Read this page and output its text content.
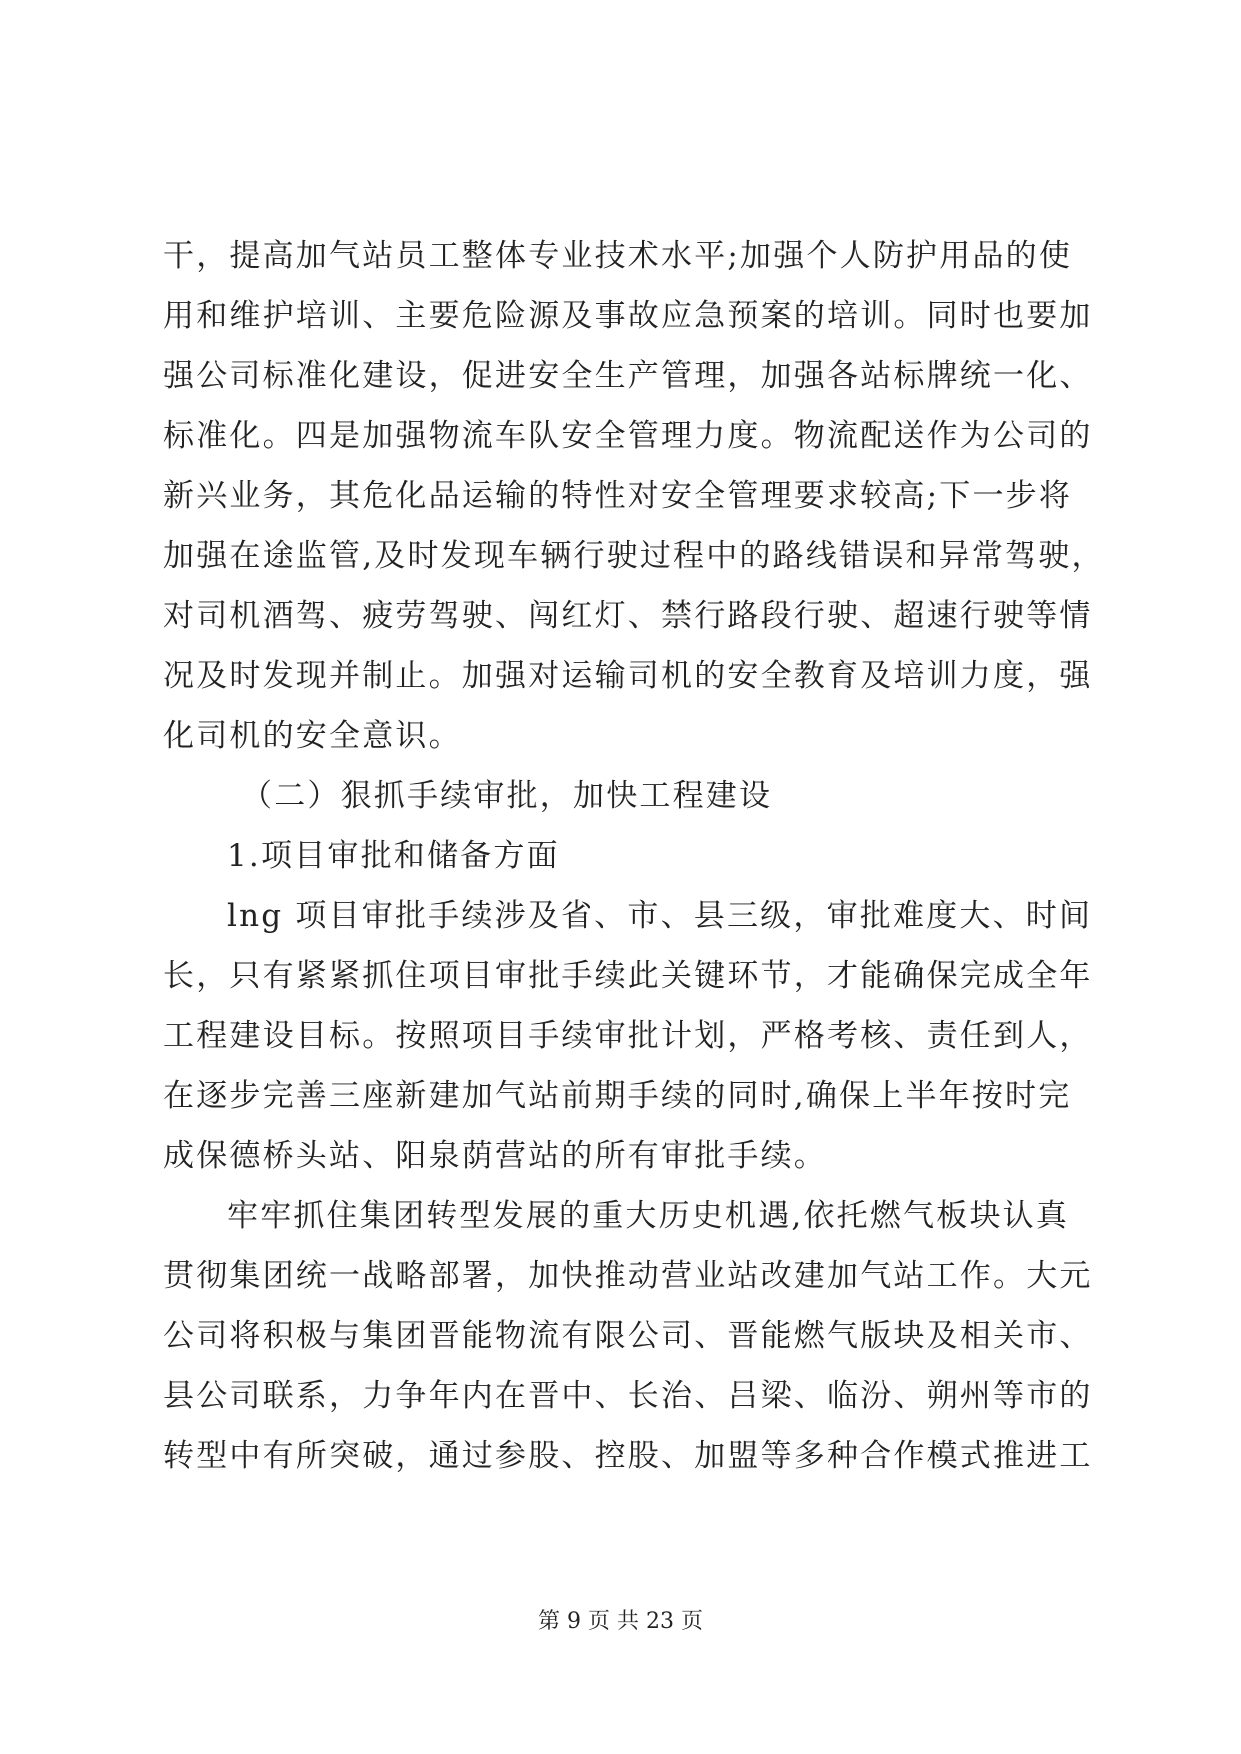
干，提高加气站员工整体专业技术水平;加强个人防护用品的使
用和维护培训、主要危险源及事故应急预案的培训。同时也要加
强公司标准化建设，促进安全生产管理，加强各站标牌统一化、
标准化。四是加强物流车队安全管理力度。物流配送作为公司的
新兴业务，其危化品运输的特性对安全管理要求较高;下一步将
加强在途监管,及时发现车辆行驶过程中的路线错误和异常驾驶，
对司机酒驾、疲劳驾驶、闯红灯、禁行路段行驶、超速行驶等情
况及时发现并制止。加强对运输司机的安全教育及培训力度，强
化司机的安全意识。
（二）狠抓手续审批，加快工程建设
1.项目审批和储备方面
lng 项目审批手续涉及省、市、县三级，审批难度大、时间
长，只有紧紧抓住项目审批手续此关键环节，才能确保完成全年
工程建设目标。按照项目手续审批计划，严格考核、责任到人，
在逐步完善三座新建加气站前期手续的同时,确保上半年按时完
成保德桥头站、阳泉荫营站的所有审批手续。
牢牢抓住集团转型发展的重大历史机遇,依托燃气板块认真
贯彻集团统一战略部署，加快推动营业站改建加气站工作。大元
公司将积极与集团晋能物流有限公司、晋能燃气版块及相关市、
县公司联系，力争年内在晋中、长治、吕梁、临汾、朔州等市的
转型中有所突破，通过参股、控股、加盟等多种合作模式推进工
第 9 页 共 23 页
